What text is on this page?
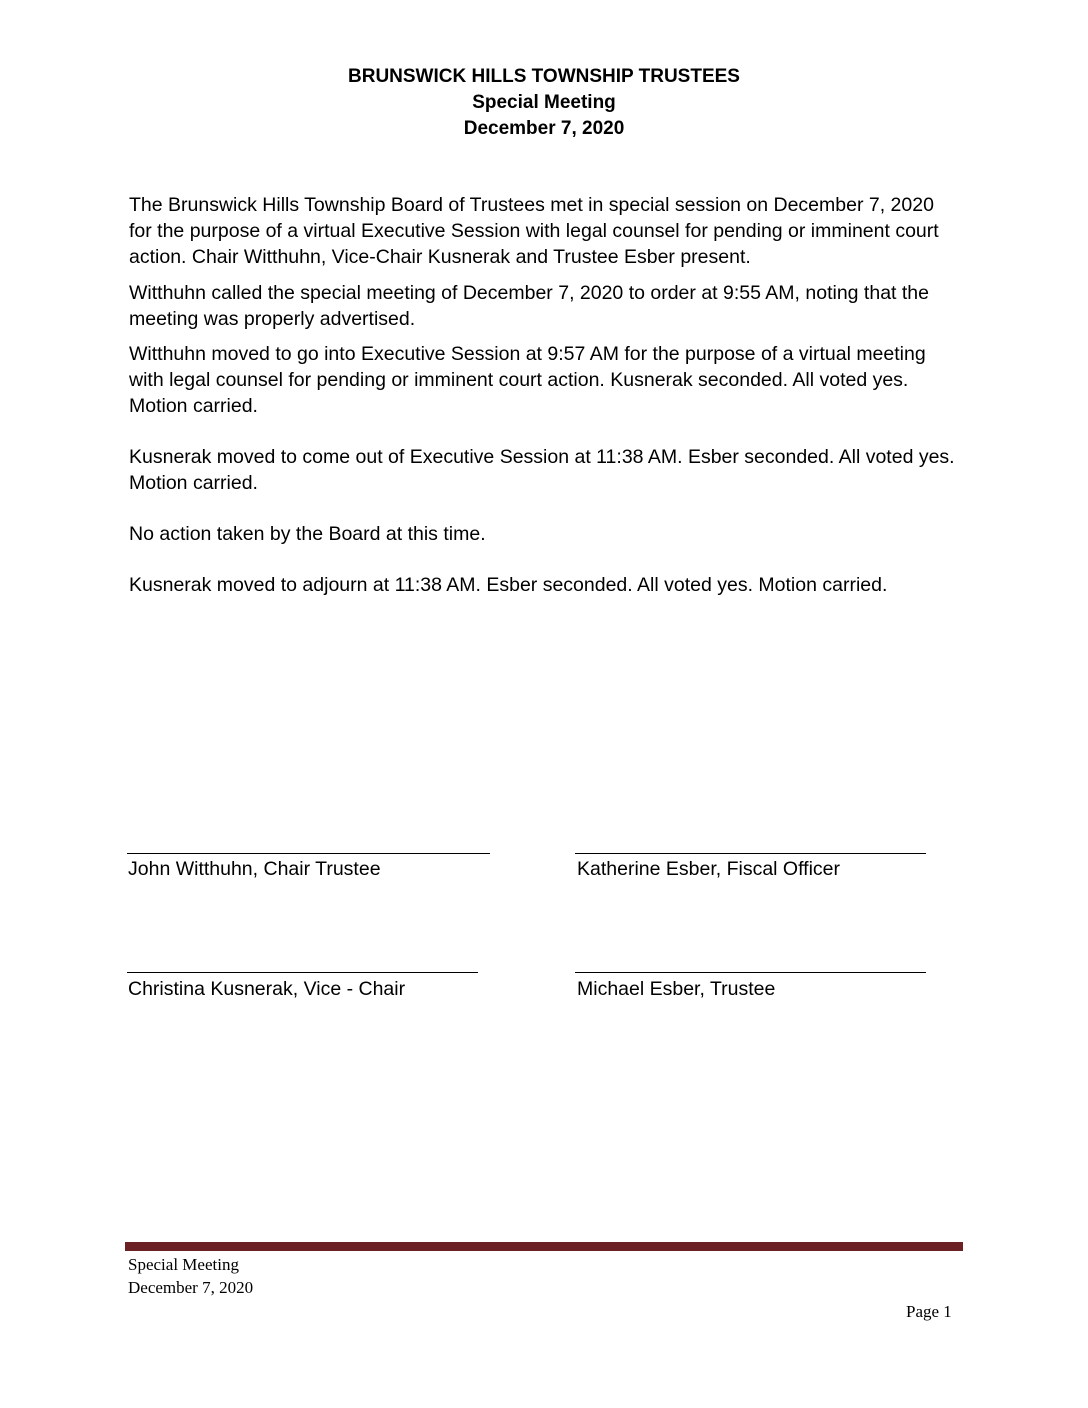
BRUNSWICK HILLS TOWNSHIP TRUSTEES
Special Meeting
December 7, 2020

The Brunswick Hills Township Board of Trustees met in special session on December 7, 2020 for the purpose of a virtual Executive Session with legal counsel for pending or imminent court action. Chair Witthuhn, Vice-Chair Kusnerak and Trustee Esber present.

Witthuhn called the special meeting of December 7, 2020 to order at 9:55 AM, noting that the meeting was properly advertised.

Witthuhn moved to go into Executive Session at 9:57 AM for the purpose of a virtual meeting with legal counsel for pending or imminent court action. Kusnerak seconded. All voted yes. Motion carried.

Kusnerak moved to come out of Executive Session at 11:38 AM. Esber seconded. All voted yes. Motion carried.

No action taken by the Board at this time.

Kusnerak moved to adjourn at 11:38 AM. Esber seconded. All voted yes. Motion carried.

John Witthuhn, Chair Trustee	Katherine Esber, Fiscal Officer
Christina Kusnerak, Vice - Chair	Michael Esber, Trustee
Special Meeting
December 7, 2020
Page 1
